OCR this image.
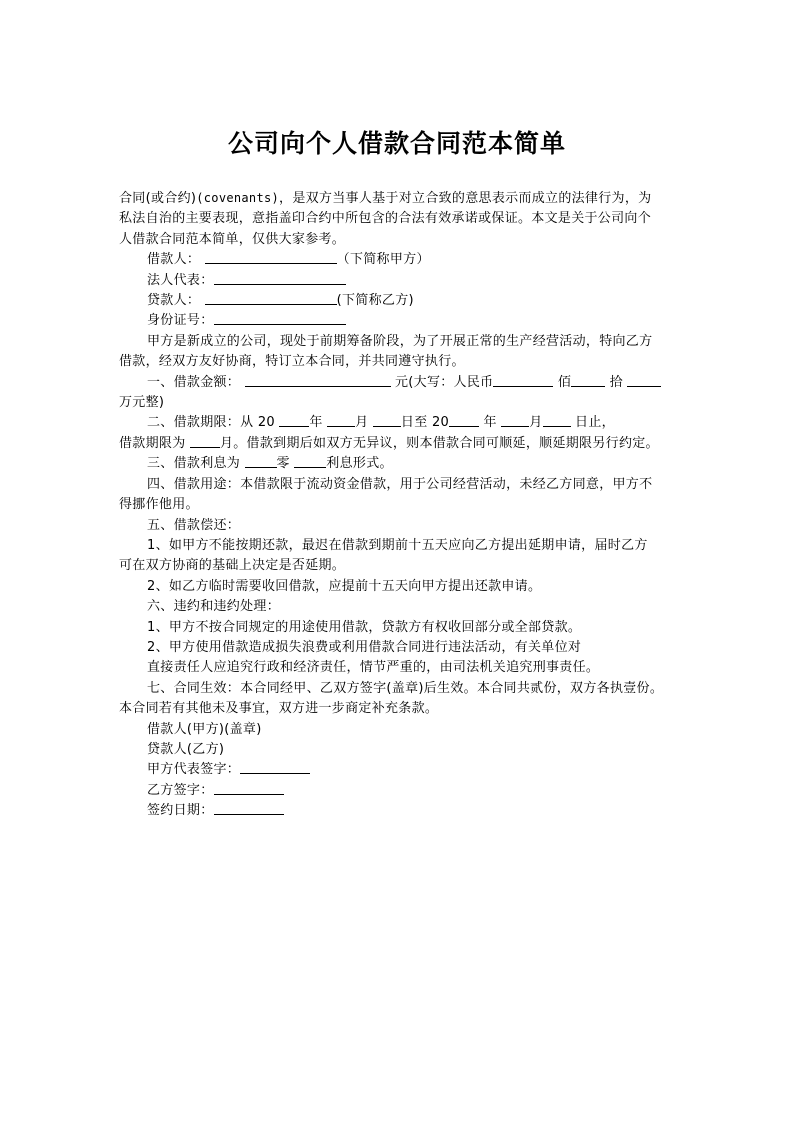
公司向个人借款合同范本简单

合同(或合约)(covenants)，是双方当事人基于对立合致的意思表示而成立的法律行为，为

私法自治的主要表现，意指盖印合约中所包含的合法有效承诺或保证。本文是关于公司向个

人借款合同范本简单，仅供大家参考。

借款人：	（下简称甲方）

法人代表：

贷款人：	(下简称乙方)

身份证号：

甲方是新成立的公司，现处于前期筹备阶段，为了开展正常的生产经营活动，特向乙方

借款，经双方友好协商，特订立本合同，并共同遵守执行。

一、借款金额：	元(大写：人民币	佰	拾

万元整)

二、借款期限：从 20	年 月 日至 20	年 月 日止，

借款期限为	月。借款到期后如双方无异议，则本借款合同可顺延，顺延期限另行约定。

三、借款利息为	零	利息形式。

四、借款用途：本借款限于流动资金借款，用于公司经营活动，未经乙方同意，甲方不

得挪作他用。

五、借款偿还：

1、如甲方不能按期还款，最迟在借款到期前十五天应向乙方提出延期申请，届时乙方

可在双方协商的基础上决定是否延期。

2、如乙方临时需要收回借款，应提前十五天向甲方提出还款申请。

六、违约和违约处理：

1、甲方不按合同规定的用途使用借款，贷款方有权收回部分或全部贷款。

2、甲方使用借款造成损失浪费或利用借款合同进行违法活动，有关单位对

直接责任人应追究行政和经济责任，情节严重的，由司法机关追究刑事责任。

七、合同生效：本合同经甲、乙双方签字(盖章)后生效。本合同共贰份，双方各执壹份。

本合同若有其他未及事宜，双方进一步商定补充条款。

借款人(甲方)(盖章)

贷款人(乙方)

甲方代表签字：

乙方签字：

签约日期：
